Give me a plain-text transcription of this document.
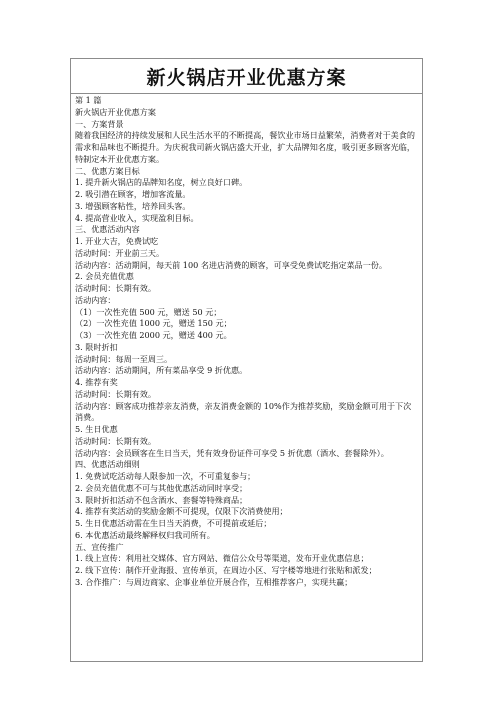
新火锅店开业优惠方案
第 1 篇
新火锅店开业优惠方案
一、方案背景
随着我国经济的持续发展和人民生活水平的不断提高，餐饮业市场日益繁荣，消费者对于美食的需求和品味也不断提升。为庆祝我司新火锅店盛大开业，扩大品牌知名度，吸引更多顾客光临，特制定本开业优惠方案。
二、优惠方案目标
1. 提升新火锅店的品牌知名度，树立良好口碑。
2. 吸引潜在顾客，增加客流量。
3. 增强顾客粘性，培养回头客。
4. 提高营业收入，实现盈利目标。
三、优惠活动内容
1. 开业大吉，免费试吃
活动时间：开业前三天。
活动内容：活动期间，每天前 100 名进店消费的顾客，可享受免费试吃指定菜品一份。
2. 会员充值优惠
活动时间：长期有效。
活动内容：
（1）一次性充值 500 元，赠送 50 元；
（2）一次性充值 1000 元，赠送 150 元；
（3）一次性充值 2000 元，赠送 400 元。
3. 限时折扣
活动时间：每周一至周三。
活动内容：活动期间，所有菜品享受 9 折优惠。
4. 推荐有奖
活动时间：长期有效。
活动内容：顾客成功推荐亲友消费，亲友消费金额的 10%作为推荐奖励，奖励金额可用于下次消费。
5. 生日优惠
活动时间：长期有效。
活动内容：会员顾客在生日当天，凭有效身份证件可享受 5 折优惠（酒水、套餐除外）。
四、优惠活动细则
1. 免费试吃活动每人限参加一次，不可重复参与；
2. 会员充值优惠不可与其他优惠活动同时享受；
3. 限时折扣活动不包含酒水、套餐等特殊商品；
4. 推荐有奖活动的奖励金额不可提现，仅限下次消费使用；
5. 生日优惠活动需在生日当天消费，不可提前或延后；
6. 本优惠活动最终解释权归我司所有。
五、宣传推广
1. 线上宣传：利用社交媒体、官方网站、微信公众号等渠道，发布开业优惠信息；
2. 线下宣传：制作开业海报、宣传单页，在周边小区、写字楼等地进行张贴和派发；
3. 合作推广：与周边商家、企事业单位开展合作，互相推荐客户，实现共赢；
